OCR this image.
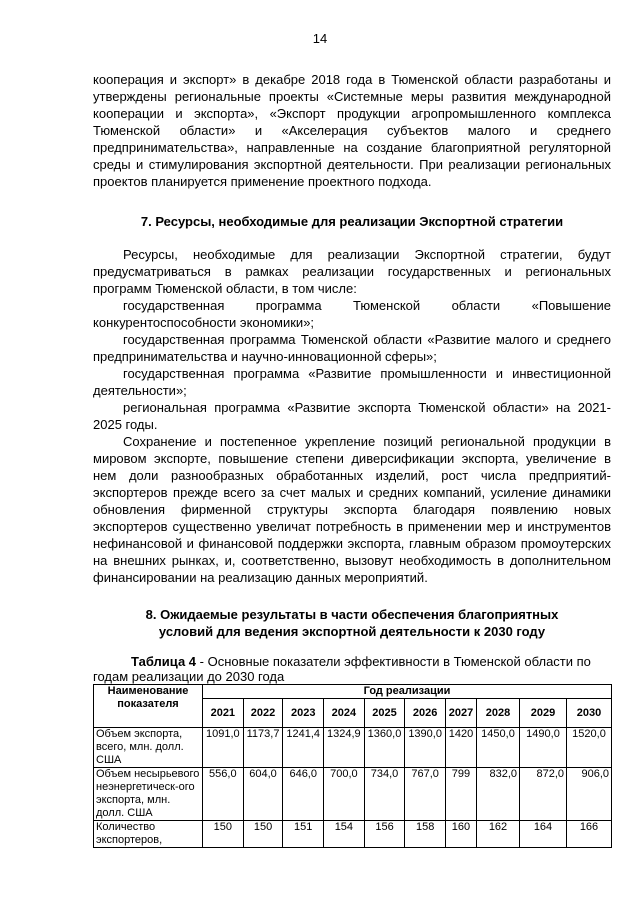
14

кооперация и экспорт» в декабре 2018 года в Тюменской области разработаны и утверждены региональные проекты «Системные меры развития международной кооперации и экспорта», «Экспорт продукции агропромышленного комплекса Тюменской области» и «Акселерация субъектов малого и среднего предпринимательства», направленные на создание благоприятной регуляторной среды и стимулирования экспортной деятельности. При реализации региональных проектов планируется применение проектного подхода.

7. Ресурсы, необходимые для реализации Экспортной стратегии

Ресурсы, необходимые для реализации Экспортной стратегии, будут предусматриваться в рамках реализации государственных и региональных программ Тюменской области, в том числе:

государственная программа Тюменской области «Повышение конкурентоспособности экономики»;

государственная программа Тюменской области «Развитие малого и среднего предпринимательства и научно-инновационной сферы»;

государственная программа «Развитие промышленности и инвестиционной деятельности»;

региональная программа «Развитие экспорта Тюменской области» на 2021-2025 годы.

Сохранение и постепенное укрепление позиций региональной продукции в мировом экспорте, повышение степени диверсификации экспорта, увеличение в нем доли разнообразных обработанных изделий, рост числа предприятий-экспортеров прежде всего за счет малых и средних компаний, усиление динамики обновления фирменной структуры экспорта благодаря появлению новых экспортеров существенно увеличат потребность в применении мер и инструментов нефинансовой и финансовой поддержки экспорта, главным образом промоутерских на внешних рынках, и, соответственно, вызовут необходимость в дополнительном финансировании на реализацию данных мероприятий.

8. Ожидаемые результаты в части обеспечения благоприятных
условий для ведения экспортной деятельности к 2030 году

Таблица 4 - Основные показатели эффективности в Тюменской области по годам реализации до 2030 года

Наименование показателя	Год реализации									
	2021	2022	2023	2024	2025	2026	2027	2028	2029	2030
Объем экспорта, всего, млн. долл. США	1091,0	1173,7	1241,4	1324,9	1360,0	1390,0	1420	1450,0	1490,0	1520,0
Объем несырьевого неэнергетическ-ого экспорта, млн. долл. США	556,0	604,0	646,0	700,0	734,0	767,0	799	832,0	872,0	906,0
Количество экспортеров,	150	150	151	154	156	158	160	162	164	166
